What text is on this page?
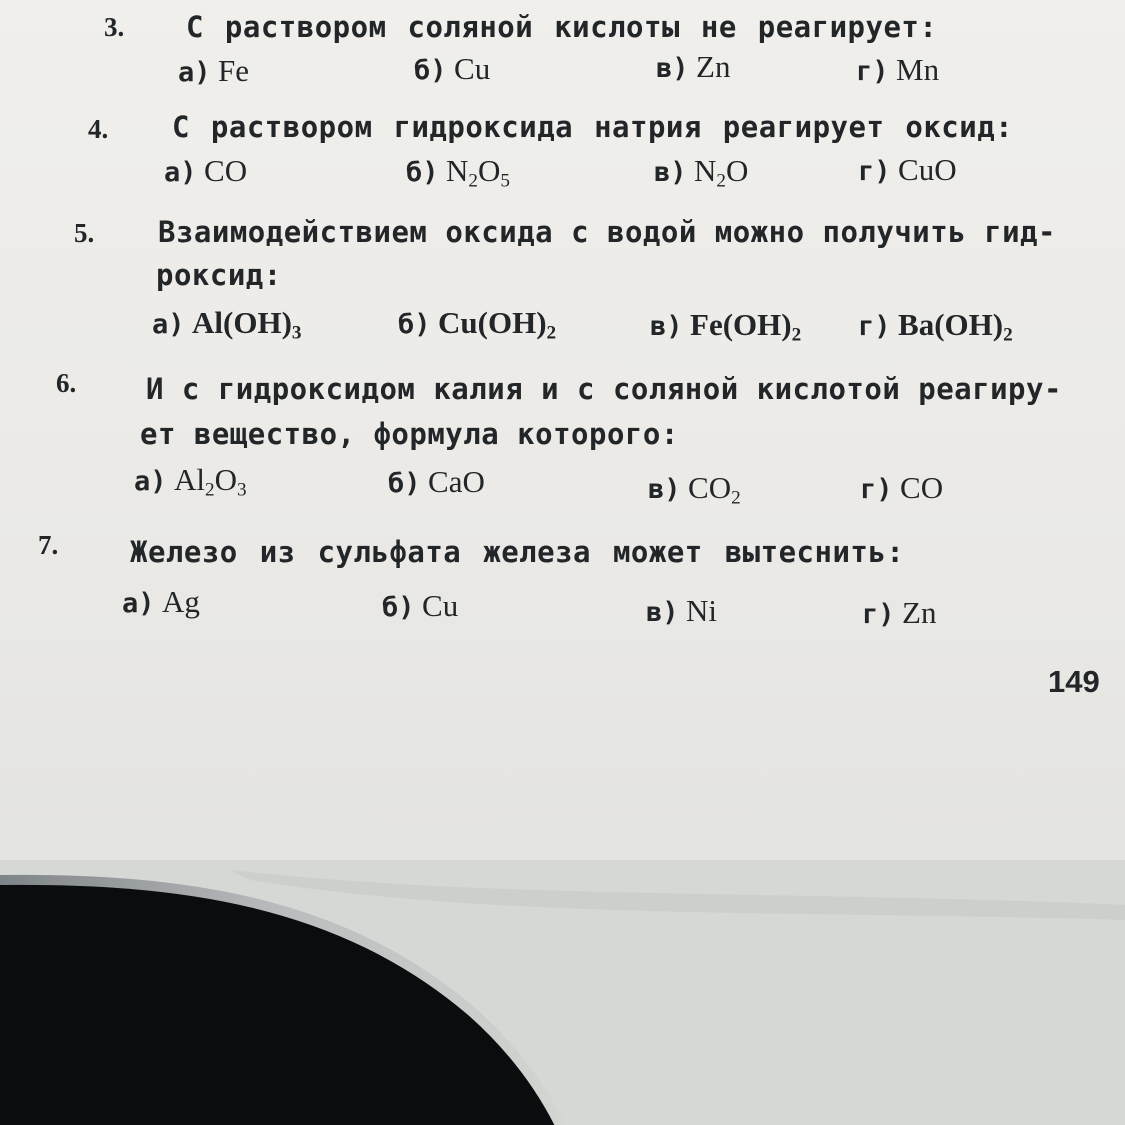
3. С раствором соляной кислоты не реагирует:
а) Fe	б) Cu	в) Zn	г) Mn
4. С раствором гидроксида натрия реагирует оксид:
а) CO	б) $N_2O_5$	в) $N_2O$	г) CuO
5. Взаимодействием оксида с водой можно получить гид-
роксид:
а) $Al(OH)_3$	б) $Cu(OH)_2$	в) $Fe(OH)_2$ г) $Ba(OH)_2$
6. И с гидроксидом калия и с соляной кислотой реагиру-
ет вещество, формула которого:
а) $Al_2O_3$	б) CaO	в) $CO_2$	г) CO
7. Железо из сульфата железа может вытеснить:
а) Ag	б) Cu	в) Ni	г) Zn
149
